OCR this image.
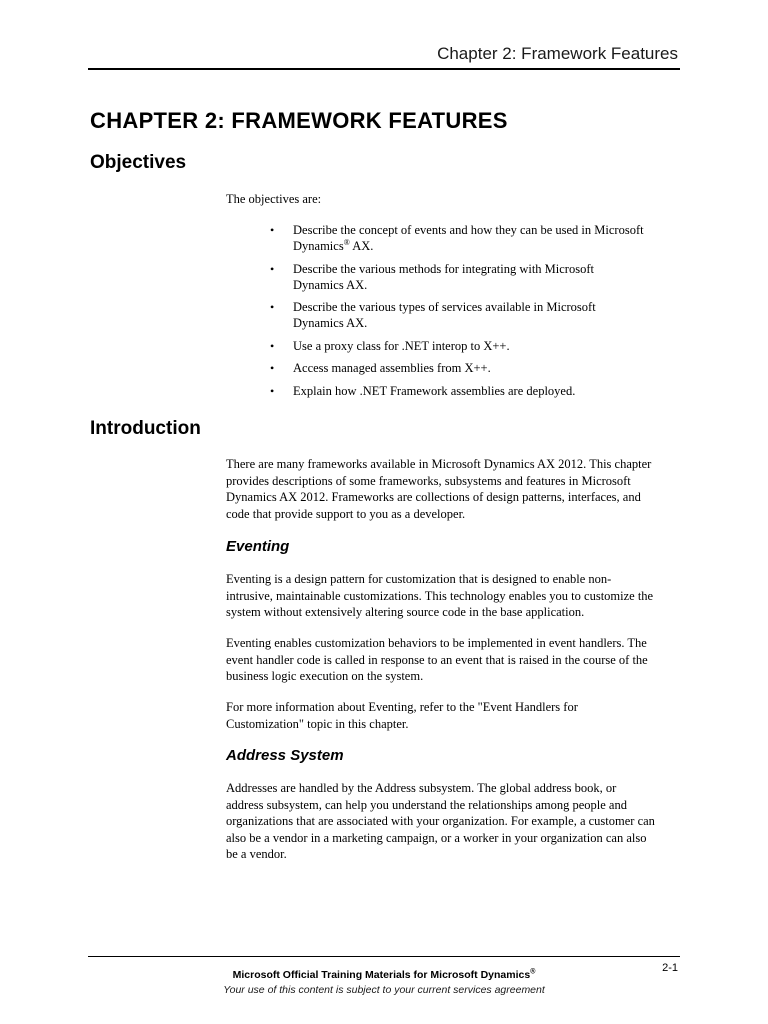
Chapter 2: Framework Features
CHAPTER 2: FRAMEWORK FEATURES
Objectives

The objectives are:

• Describe the concept of events and how they can be used in Microsoft Dynamics® AX.
• Describe the various methods for integrating with Microsoft Dynamics AX.
• Describe the various types of services available in Microsoft Dynamics AX.
• Use a proxy class for .NET interop to X++.
• Access managed assemblies from X++.
• Explain how .NET Framework assemblies are deployed.
Introduction

There are many frameworks available in Microsoft Dynamics AX 2012. This chapter provides descriptions of some frameworks, subsystems and features in Microsoft Dynamics AX 2012. Frameworks are collections of design patterns, interfaces, and code that provide support to you as a developer.

Eventing

Eventing is a design pattern for customization that is designed to enable non-intrusive, maintainable customizations. This technology enables you to customize the system without extensively altering source code in the base application.

Eventing enables customization behaviors to be implemented in event handlers. The event handler code is called in response to an event that is raised in the course of the business logic execution on the system.

For more information about Eventing, refer to the "Event Handlers for Customization" topic in this chapter.

Address System

Addresses are handled by the Address subsystem. The global address book, or address subsystem, can help you understand the relationships among people and organizations that are associated with your organization. For example, a customer can also be a vendor in a marketing campaign, or a worker in your organization can also be a vendor.

2-1
Microsoft Official Training Materials for Microsoft Dynamics®
Your use of this content is subject to your current services agreement
